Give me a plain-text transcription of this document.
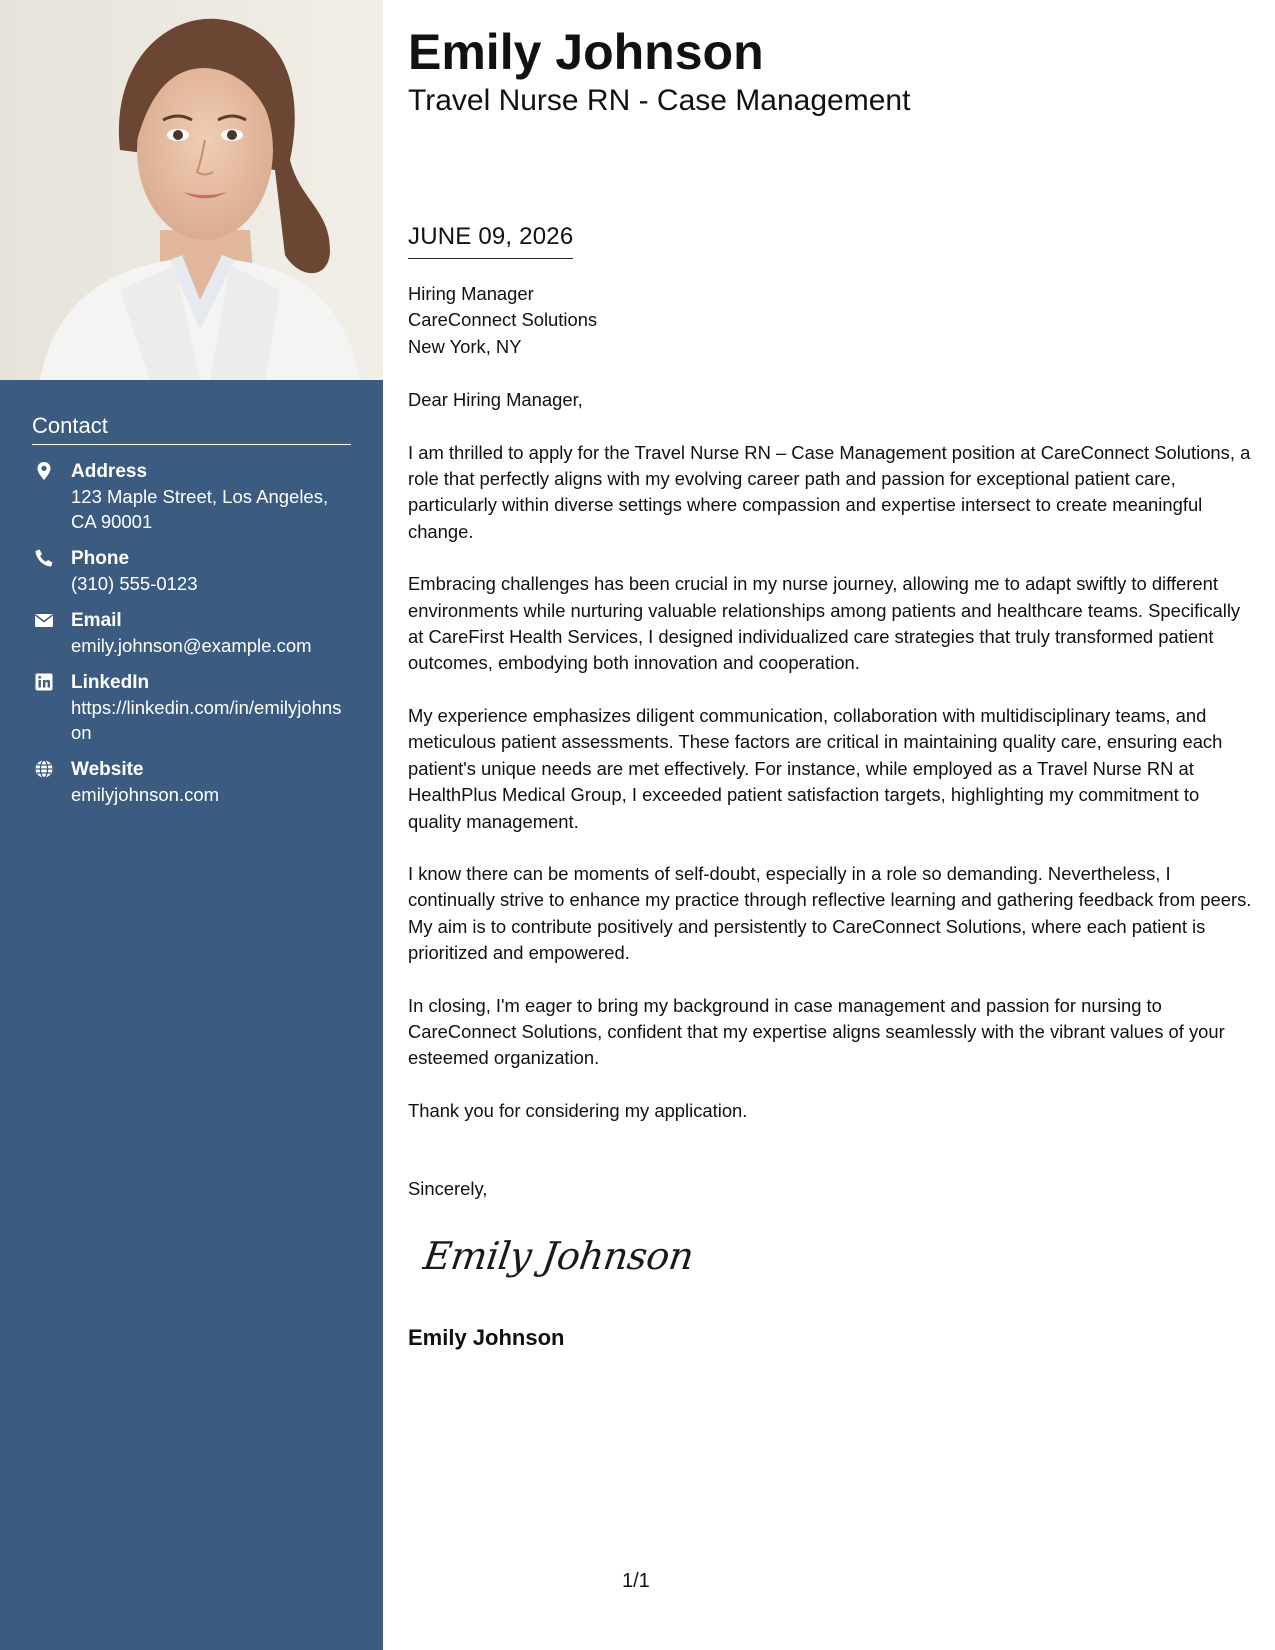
Contact
Address
123 Maple Street, Los Angeles, CA 90001
Phone
(310) 555-0123
Email
emily.johnson@example.com
LinkedIn
https://linkedin.com/in/emilyjohnson
Website
emilyjohnson.com
Emily Johnson
Travel Nurse RN - Case Management
JUNE 09, 2026

Hiring Manager
CareConnect Solutions
New York, NY

Dear Hiring Manager,

I am thrilled to apply for the Travel Nurse RN – Case Management position at CareConnect Solutions, a role that perfectly aligns with my evolving career path and passion for exceptional patient care, particularly within diverse settings where compassion and expertise intersect to create meaningful change.

Embracing challenges has been crucial in my nurse journey, allowing me to adapt swiftly to different environments while nurturing valuable relationships among patients and healthcare teams. Specifically at CareFirst Health Services, I designed individualized care strategies that truly transformed patient outcomes, embodying both innovation and cooperation.

My experience emphasizes diligent communication, collaboration with multidisciplinary teams, and meticulous patient assessments. These factors are critical in maintaining quality care, ensuring each patient's unique needs are met effectively. For instance, while employed as a Travel Nurse RN at HealthPlus Medical Group, I exceeded patient satisfaction targets, highlighting my commitment to quality management.

I know there can be moments of self-doubt, especially in a role so demanding. Nevertheless, I continually strive to enhance my practice through reflective learning and gathering feedback from peers. My aim is to contribute positively and persistently to CareConnect Solutions, where each patient is prioritized and empowered.

In closing, I'm eager to bring my background in case management and passion for nursing to CareConnect Solutions, confident that my expertise aligns seamlessly with the vibrant values of your esteemed organization.

Thank you for considering my application.

Sincerely,

Emily Johnson
Emily Johnson
1/1
